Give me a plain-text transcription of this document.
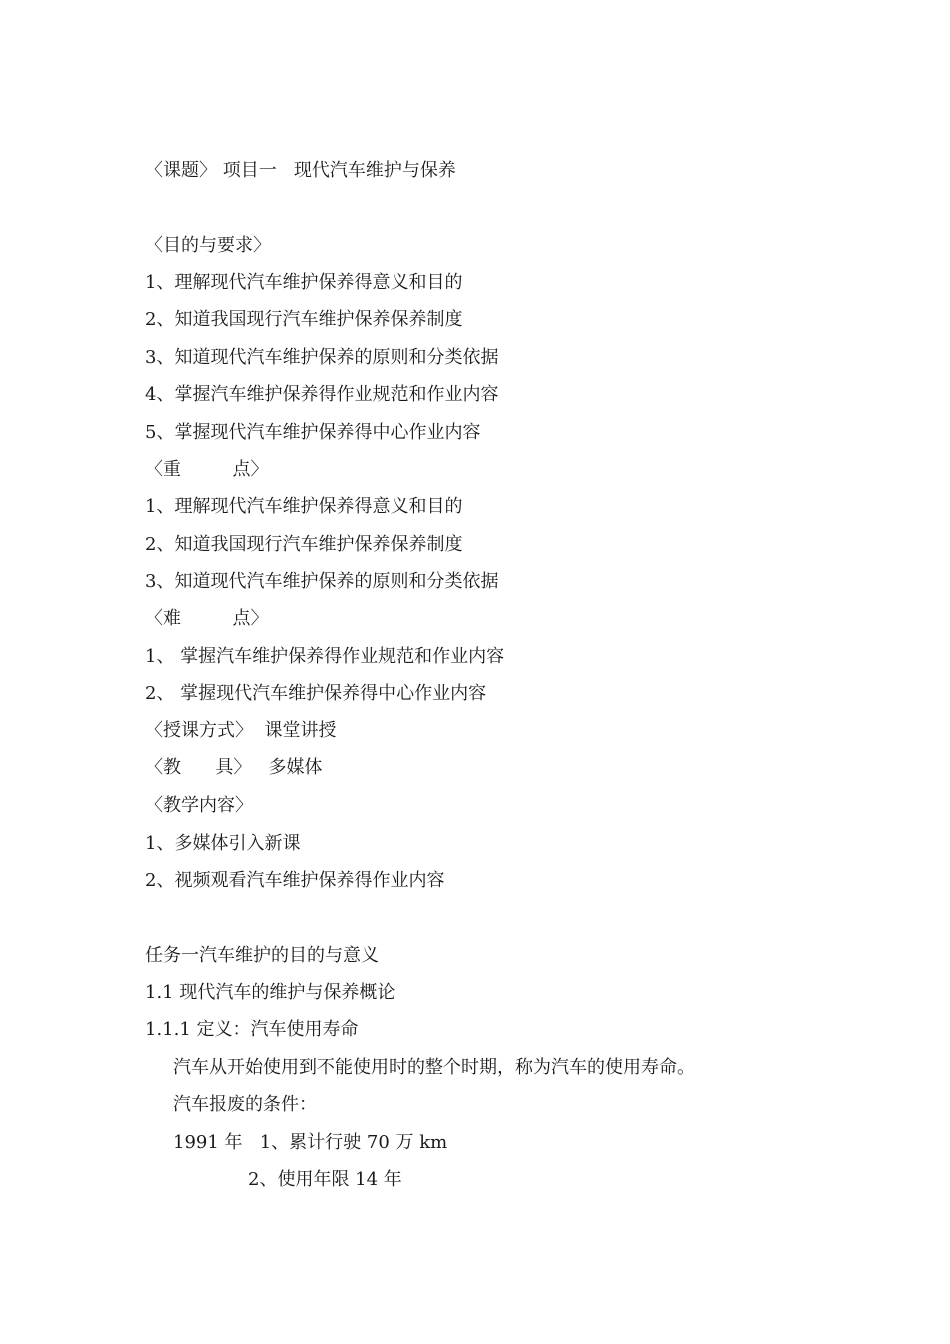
〈课题〉 项目一   现代汽车维护与保养
〈目的与要求〉
1、理解现代汽车维护保养得意义和目的
2、知道我国现行汽车维护保养保养制度
3、知道现代汽车维护保养的原则和分类依据
4、掌握汽车维护保养得作业规范和作业内容
5、掌握现代汽车维护保养得中心作业内容
〈重         点〉
1、理解现代汽车维护保养得意义和目的
2、知道我国现行汽车维护保养保养制度
3、知道现代汽车维护保养的原则和分类依据
〈难         点〉
1、 掌握汽车维护保养得作业规范和作业内容
2、 掌握现代汽车维护保养得中心作业内容
〈授课方式〉  课堂讲授
〈教      具〉   多媒体
〈教学内容〉
1、多媒体引入新课
2、视频观看汽车维护保养得作业内容
任务一汽车维护的目的与意义
1.1 现代汽车的维护与保养概论
1.1.1 定义：汽车使用寿命
汽车从开始使用到不能使用时的整个时期，称为汽车的使用寿命。
汽车报废的条件：
1991 年   1、累计行驶 70 万 km
2、使用年限 14 年
